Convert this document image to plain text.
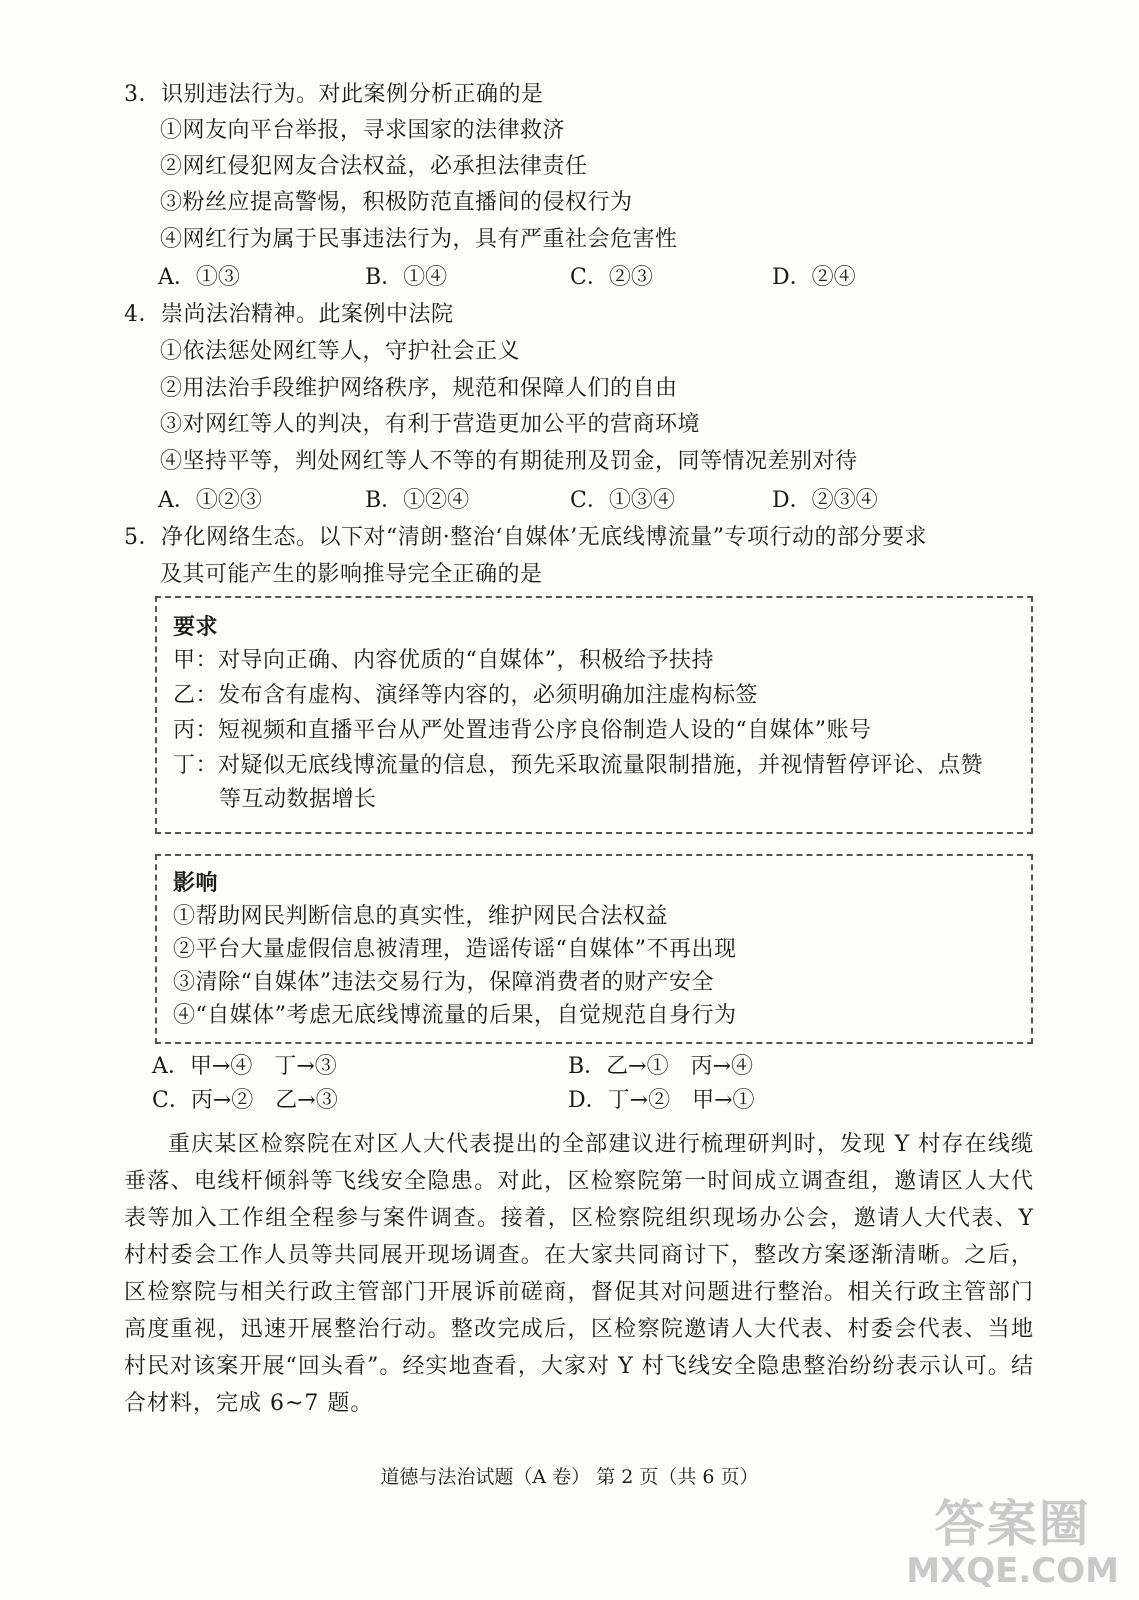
3．识别违法行为。对此案例分析正确的是
①网友向平台举报，寻求国家的法律救济
②网红侵犯网友合法权益，必承担法律责任
③粉丝应提高警惕，积极防范直播间的侵权行为
④网红行为属于民事违法行为，具有严重社会危害性
A．①③	B．①④	C．②③	D．②④
4．崇尚法治精神。此案例中法院
①依法惩处网红等人，守护社会正义
②用法治手段维护网络秩序，规范和保障人们的自由
③对网红等人的判决，有利于营造更加公平的营商环境
④坚持平等，判处网红等人不等的有期徒刑及罚金，同等情况差别对待
A．①②③	B．①②④	C．①③④	D．②③④
5．净化网络生态。以下对“清朗·整治‘自媒体’无底线博流量”专项行动的部分要求
及其可能产生的影响推导完全正确的是
要求
甲：对导向正确、内容优质的“自媒体”，积极给予扶持
乙：发布含有虚构、演绎等内容的，必须明确加注虚构标签
丙：短视频和直播平台从严处置违背公序良俗制造人设的“自媒体”账号
丁：对疑似无底线博流量的信息，预先采取流量限制措施，并视情暂停评论、点赞
等互动数据增长
影响
①帮助网民判断信息的真实性，维护网民合法权益
②平台大量虚假信息被清理，造谣传谣“自媒体”不再出现
③清除“自媒体”违法交易行为，保障消费者的财产安全
④“自媒体”考虑无底线博流量的后果，自觉规范自身行为
A．甲→④　丁→③	B．乙→①　丙→④
C．丙→②　乙→③	D．丁→②　甲→①
重庆某区检察院在对区人大代表提出的全部建议进行梳理研判时，发现 Y 村存在线缆垂落、电线杆倾斜等飞线安全隐患。对此，区检察院第一时间成立调查组，邀请区人大代表等加入工作组全程参与案件调查。接着，区检察院组织现场办公会，邀请人大代表、Y 村村委会工作人员等共同展开现场调查。在大家共同商讨下，整改方案逐渐清晰。之后，区检察院与相关行政主管部门开展诉前磋商，督促其对问题进行整治。相关行政主管部门高度重视，迅速开展整治行动。整改完成后，区检察院邀请人大代表、村委会代表、当地村民对该案开展“回头看”。经实地查看，大家对 Y 村飞线安全隐患整治纷纷表示认可。结合材料，完成 6~7 题。
道德与法治试题（A 卷） 第 2 页（共 6 页）
答案圈
MXQE.COM
